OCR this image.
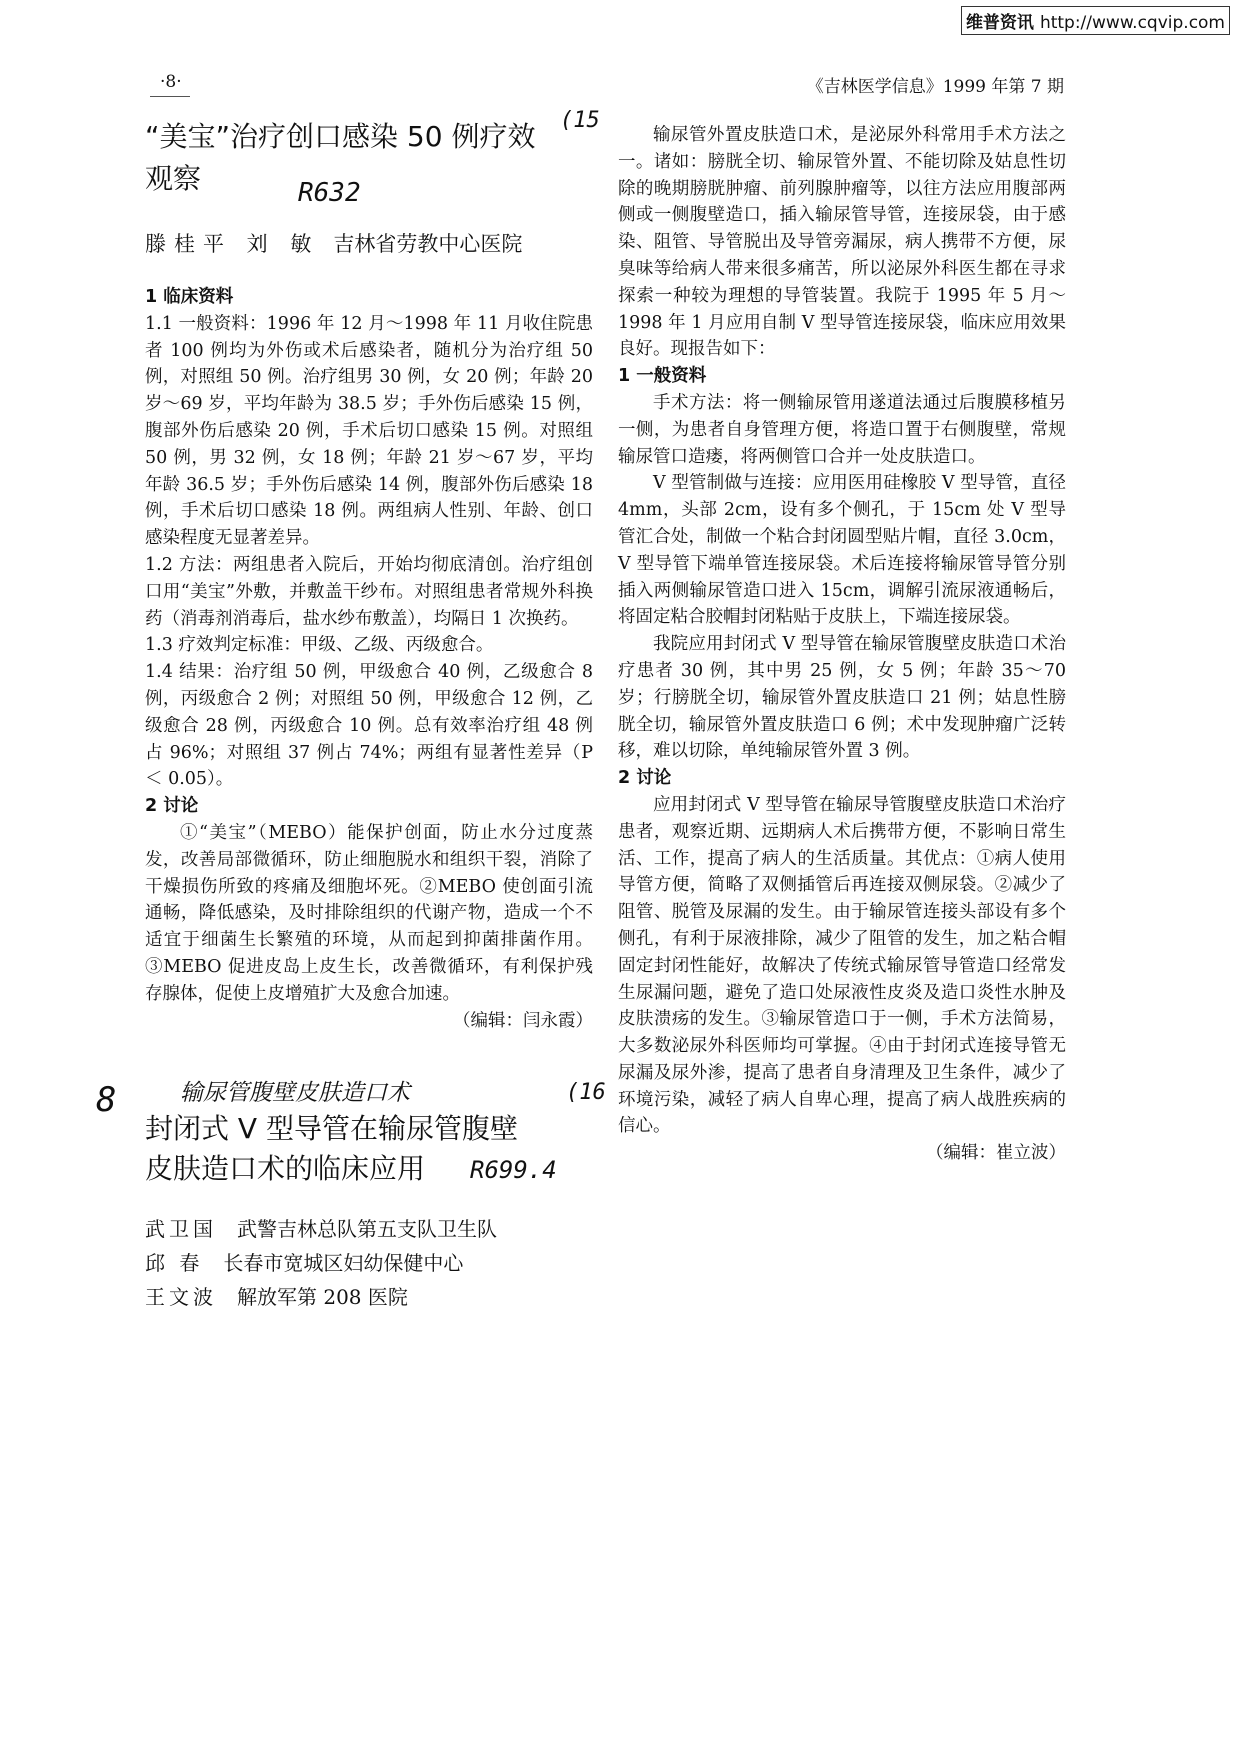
维普资讯 http://www.cqvip.com
·8·	《吉林医学信息》1999 年第 7 期
“美宝”治疗创口感染 50 例疗效 (15
观察	R632
滕桂平 刘 敏 吉林省劳教中心医院

1 临床资料

1.1 一般资料：1996 年 12 月～1998 年 11 月收住院患者 100 例均为外伤或术后感染者，随机分为治疗组 50 例，对照组 50 例。治疗组男 30 例，女 20 例；年龄 20 岁～69 岁，平均年龄为 38.5 岁；手外伤后感染 15 例，腹部外伤后感染 20 例，手术后切口感染 15 例。对照组 50 例，男 32 例，女 18 例；年龄 21 岁～67 岁，平均年龄 36.5 岁；手外伤后感染 14 例，腹部外伤后感染 18 例，手术后切口感染 18 例。两组病人性别、年龄、创口感染程度无显著差异。

1.2 方法：两组患者入院后，开始均彻底清创。治疗组创口用“美宝”外敷，并敷盖干纱布。对照组患者常规外科换药（消毒剂消毒后，盐水纱布敷盖），均隔日 1 次换药。

1.3 疗效判定标准：甲级、乙级、丙级愈合。

1.4 结果：治疗组 50 例，甲级愈合 40 例，乙级愈合 8 例，丙级愈合 2 例；对照组 50 例，甲级愈合 12 例，乙级愈合 28 例，丙级愈合 10 例。总有效率治疗组 48 例占 96%；对照组 37 例占 74%；两组有显著性差异（P ＜ 0.05）。

2 讨论

①“美宝”（MEBO）能保护创面，防止水分过度蒸发，改善局部微循环，防止细胞脱水和组织干裂，消除了干燥损伤所致的疼痛及细胞坏死。②MEBO 使创面引流通畅，降低感染，及时排除组织的代谢产物，造成一个不适宜于细菌生长繁殖的环境，从而起到抑菌排菌作用。③MEBO 促进皮岛上皮生长，改善微循环，有利保护残存腺体，促使上皮增殖扩大及愈合加速。

（编辑：闫永霞）

8	输尿管腹壁皮肤造口术	(16
封闭式 V 型导管在输尿管腹壁
皮肤造口术的临床应用 R699.4
武卫国 武警吉林总队第五支队卫生队
邱 春 长春市宽城区妇幼保健中心
王文波 解放军第 208 医院

输尿管外置皮肤造口术，是泌尿外科常用手术方法之一。诸如：膀胱全切、输尿管外置、不能切除及姑息性切除的晚期膀胱肿瘤、前列腺肿瘤等，以往方法应用腹部两侧或一侧腹壁造口，插入输尿管导管，连接尿袋，由于感染、阻管、导管脱出及导管旁漏尿，病人携带不方便，尿臭味等给病人带来很多痛苦，所以泌尿外科医生都在寻求探索一种较为理想的导管装置。我院于 1995 年 5 月～1998 年 1 月应用自制 V 型导管连接尿袋，临床应用效果良好。现报告如下：

1 一般资料

手术方法：将一侧输尿管用遂道法通过后腹膜移植另一侧，为患者自身管理方便，将造口置于右侧腹壁，常规输尿管口造瘘，将两侧管口合并一处皮肤造口。

V 型管制做与连接：应用医用硅橡胶 V 型导管，直径 4mm，头部 2cm，设有多个侧孔，于 15cm 处 V 型导管汇合处，制做一个粘合封闭圆型贴片帽，直径 3.0cm，V 型导管下端单管连接尿袋。术后连接将输尿管导管分别插入两侧输尿管造口进入 15cm，调解引流尿液通畅后，将固定粘合胶帽封闭粘贴于皮肤上，下端连接尿袋。

我院应用封闭式 V 型导管在输尿管腹壁皮肤造口术治疗患者 30 例，其中男 25 例，女 5 例；年龄 35～70 岁；行膀胱全切，输尿管外置皮肤造口 21 例；姑息性膀胱全切，输尿管外置皮肤造口 6 例；术中发现肿瘤广泛转移，难以切除，单纯输尿管外置 3 例。

2 讨论

应用封闭式 V 型导管在输尿导管腹壁皮肤造口术治疗患者，观察近期、远期病人术后携带方便，不影响日常生活、工作，提高了病人的生活质量。其优点：①病人使用导管方便，简略了双侧插管后再连接双侧尿袋。②减少了阻管、脱管及尿漏的发生。由于输尿管连接头部设有多个侧孔，有利于尿液排除，减少了阻管的发生，加之粘合帽固定封闭性能好，故解决了传统式输尿管导管造口经常发生尿漏问题，避免了造口处尿液性皮炎及造口炎性水肿及皮肤溃疡的发生。③输尿管造口于一侧，手术方法简易，大多数泌尿外科医师均可掌握。④由于封闭式连接导管无尿漏及尿外渗，提高了患者自身清理及卫生条件，减少了环境污染，减轻了病人自卑心理，提高了病人战胜疾病的信心。

（编辑：崔立波）
